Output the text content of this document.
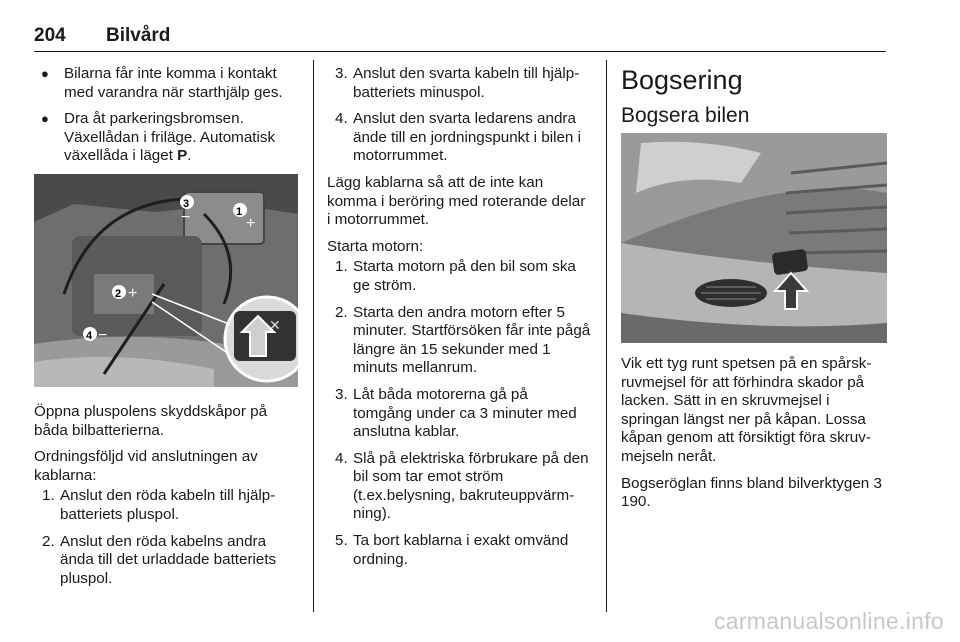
204 Bilvård
● Bilarna får inte komma i kontakt med varandra när starthjälp ges.
● Dra åt parkeringsbromsen. Växellådan i friläge. Automatisk växellåda i läget P.
✕
3
1
2
4
−	+
+
−

Öppna pluspolens skyddskåpor på båda bilbatterierna.

Ordningsföljd vid anslutningen av kablarna:

1. Anslut den röda kabeln till hjälpbatteriets pluspol.
2. Anslut den röda kabelns andra ända till det urladdade batteriets pluspol.
3. Anslut den svarta kabeln till hjälpbatteriets minuspol.
4. Anslut den svarta ledarens andra ände till en jordningspunkt i bilen i motorrummet.

Lägg kablarna så att de inte kan komma i beröring med roterande delar i motorrummet.

Starta motorn:

1. Starta motorn på den bil som ska ge ström.
2. Starta den andra motorn efter 5 minuter. Startförsöken får inte pågå längre än 15 sekunder med 1 minuts mellanrum.
3. Låt båda motorerna gå på tomgång under ca 3 minuter med anslutna kablar.
4. Slå på elektriska förbrukare på den bil som tar emot ström (t.ex.belysning, bakruteuppvärmning).
5. Ta bort kablarna i exakt omvänd ordning.
Bogsering
Bogsera bilen

Vik ett tyg runt spetsen på en spårskruvmejsel för att förhindra skador på lacken. Sätt in en skruvmejsel i springan längst ner på kåpan. Lossa kåpan genom att försiktigt föra skruvmejseln neråt.

Bogseröglan finns bland bilverktygen 3 190.

carmanualsonline.info
